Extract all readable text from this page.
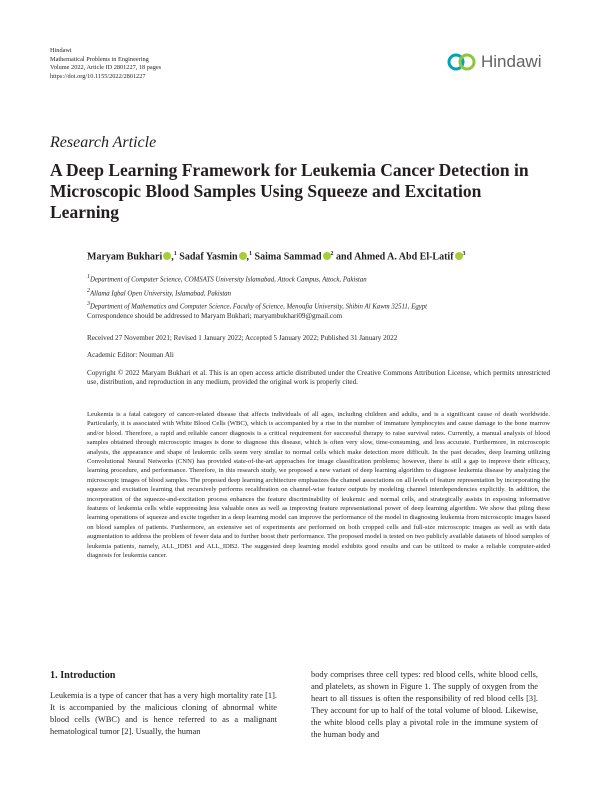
Hindawi
Mathematical Problems in Engineering
Volume 2022, Article ID 2801227, 18 pages
https://doi.org/10.1155/2022/2801227
Hindawi
Research Article
A Deep Learning Framework for Leukemia Cancer Detection in Microscopic Blood Samples Using Squeeze and Excitation Learning
Maryam Bukhari ,$^1$ Sadaf Yasmin ,$^1$ Saima Sammad $^2$ and Ahmed A. Abd El-Latif $^3$
$^1$Department of Computer Science, COMSATS University Islamabad, Attock Campus, Attock, Pakistan
$^2$Allama Iqbal Open University, Islamabad, Pakistan
$^3$Department of Mathematics and Computer Science, Faculty of Science, Menoufia University, Shibin Al Kawm 32511, Egypt
Correspondence should be addressed to Maryam Bukhari; maryambukhari09@gmail.com
Received 27 November 2021; Revised 1 January 2022; Accepted 5 January 2022; Published 31 January 2022
Academic Editor: Nouman Ali

Copyright © 2022 Maryam Bukhari et al. This is an open access article distributed under the Creative Commons Attribution License, which permits unrestricted use, distribution, and reproduction in any medium, provided the original work is properly cited.

Leukemia is a fatal category of cancer-related disease that affects individuals of all ages, including children and adults, and is a significant cause of death worldwide. Particularly, it is associated with White Blood Cells (WBC), which is accompanied by a rise in the number of immature lymphocytes and cause damage to the bone marrow and/or blood. Therefore, a rapid and reliable cancer diagnosis is a critical requirement for successful therapy to raise survival rates. Currently, a manual analysis of blood samples obtained through microscopic images is done to diagnose this disease, which is often very slow, time-consuming, and less accurate. Furthermore, in microscopic analysis, the appearance and shape of leukemic cells seem very similar to normal cells which make detection more difficult. In the past decades, deep learning utilizing Convolutional Neural Networks (CNN) has provided state-of-the-art approaches for image classification problems; however, there is still a gap to improve their efficacy, learning procedure, and performance. Therefore, in this research study, we proposed a new variant of deep learning algorithm to diagnose leukemia disease by analyzing the microscopic images of blood samples. The proposed deep learning architecture emphasizes the channel associations on all levels of feature representation by incorporating the squeeze and excitation learning that recursively performs recalibration on channel-wise feature outputs by modeling channel interdependencies explicitly. In addition, the incorporation of the squeeze-and-excitation process enhances the feature discriminability of leukemic and normal cells, and strategically assists in exposing informative features of leukemia cells while suppressing less valuable ones as well as improving feature representational power of deep learning algorithm. We show that piling these learning operations of squeeze and excite together in a deep learning model can improve the performance of the model in diagnosing leukemia from microscopic images based on blood samples of patients. Furthermore, an extensive set of experiments are performed on both cropped cells and full-size microscopic images as well as with data augmentation to address the problem of fewer data and to further boost their performance. The proposed model is tested on two publicly available datasets of blood samples of leukemia patients, namely, ALL_IDB1 and ALL_IDB2. The suggested deep learning model exhibits good results and can be utilized to make a reliable computer-aided diagnosis for leukemia cancer.

1. Introduction

Leukemia is a type of cancer that has a very high mortality rate [1]. It is accompanied by the malicious cloning of abnormal white blood cells (WBC) and is hence referred to as a malignant hematological tumor [2]. Usually, the human

body comprises three cell types: red blood cells, white blood cells, and platelets, as shown in Figure 1. The supply of oxygen from the heart to all tissues is often the responsibility of red blood cells [3]. They account for up to half of the total volume of blood. Likewise, the white blood cells play a pivotal role in the immune system of the human body and
